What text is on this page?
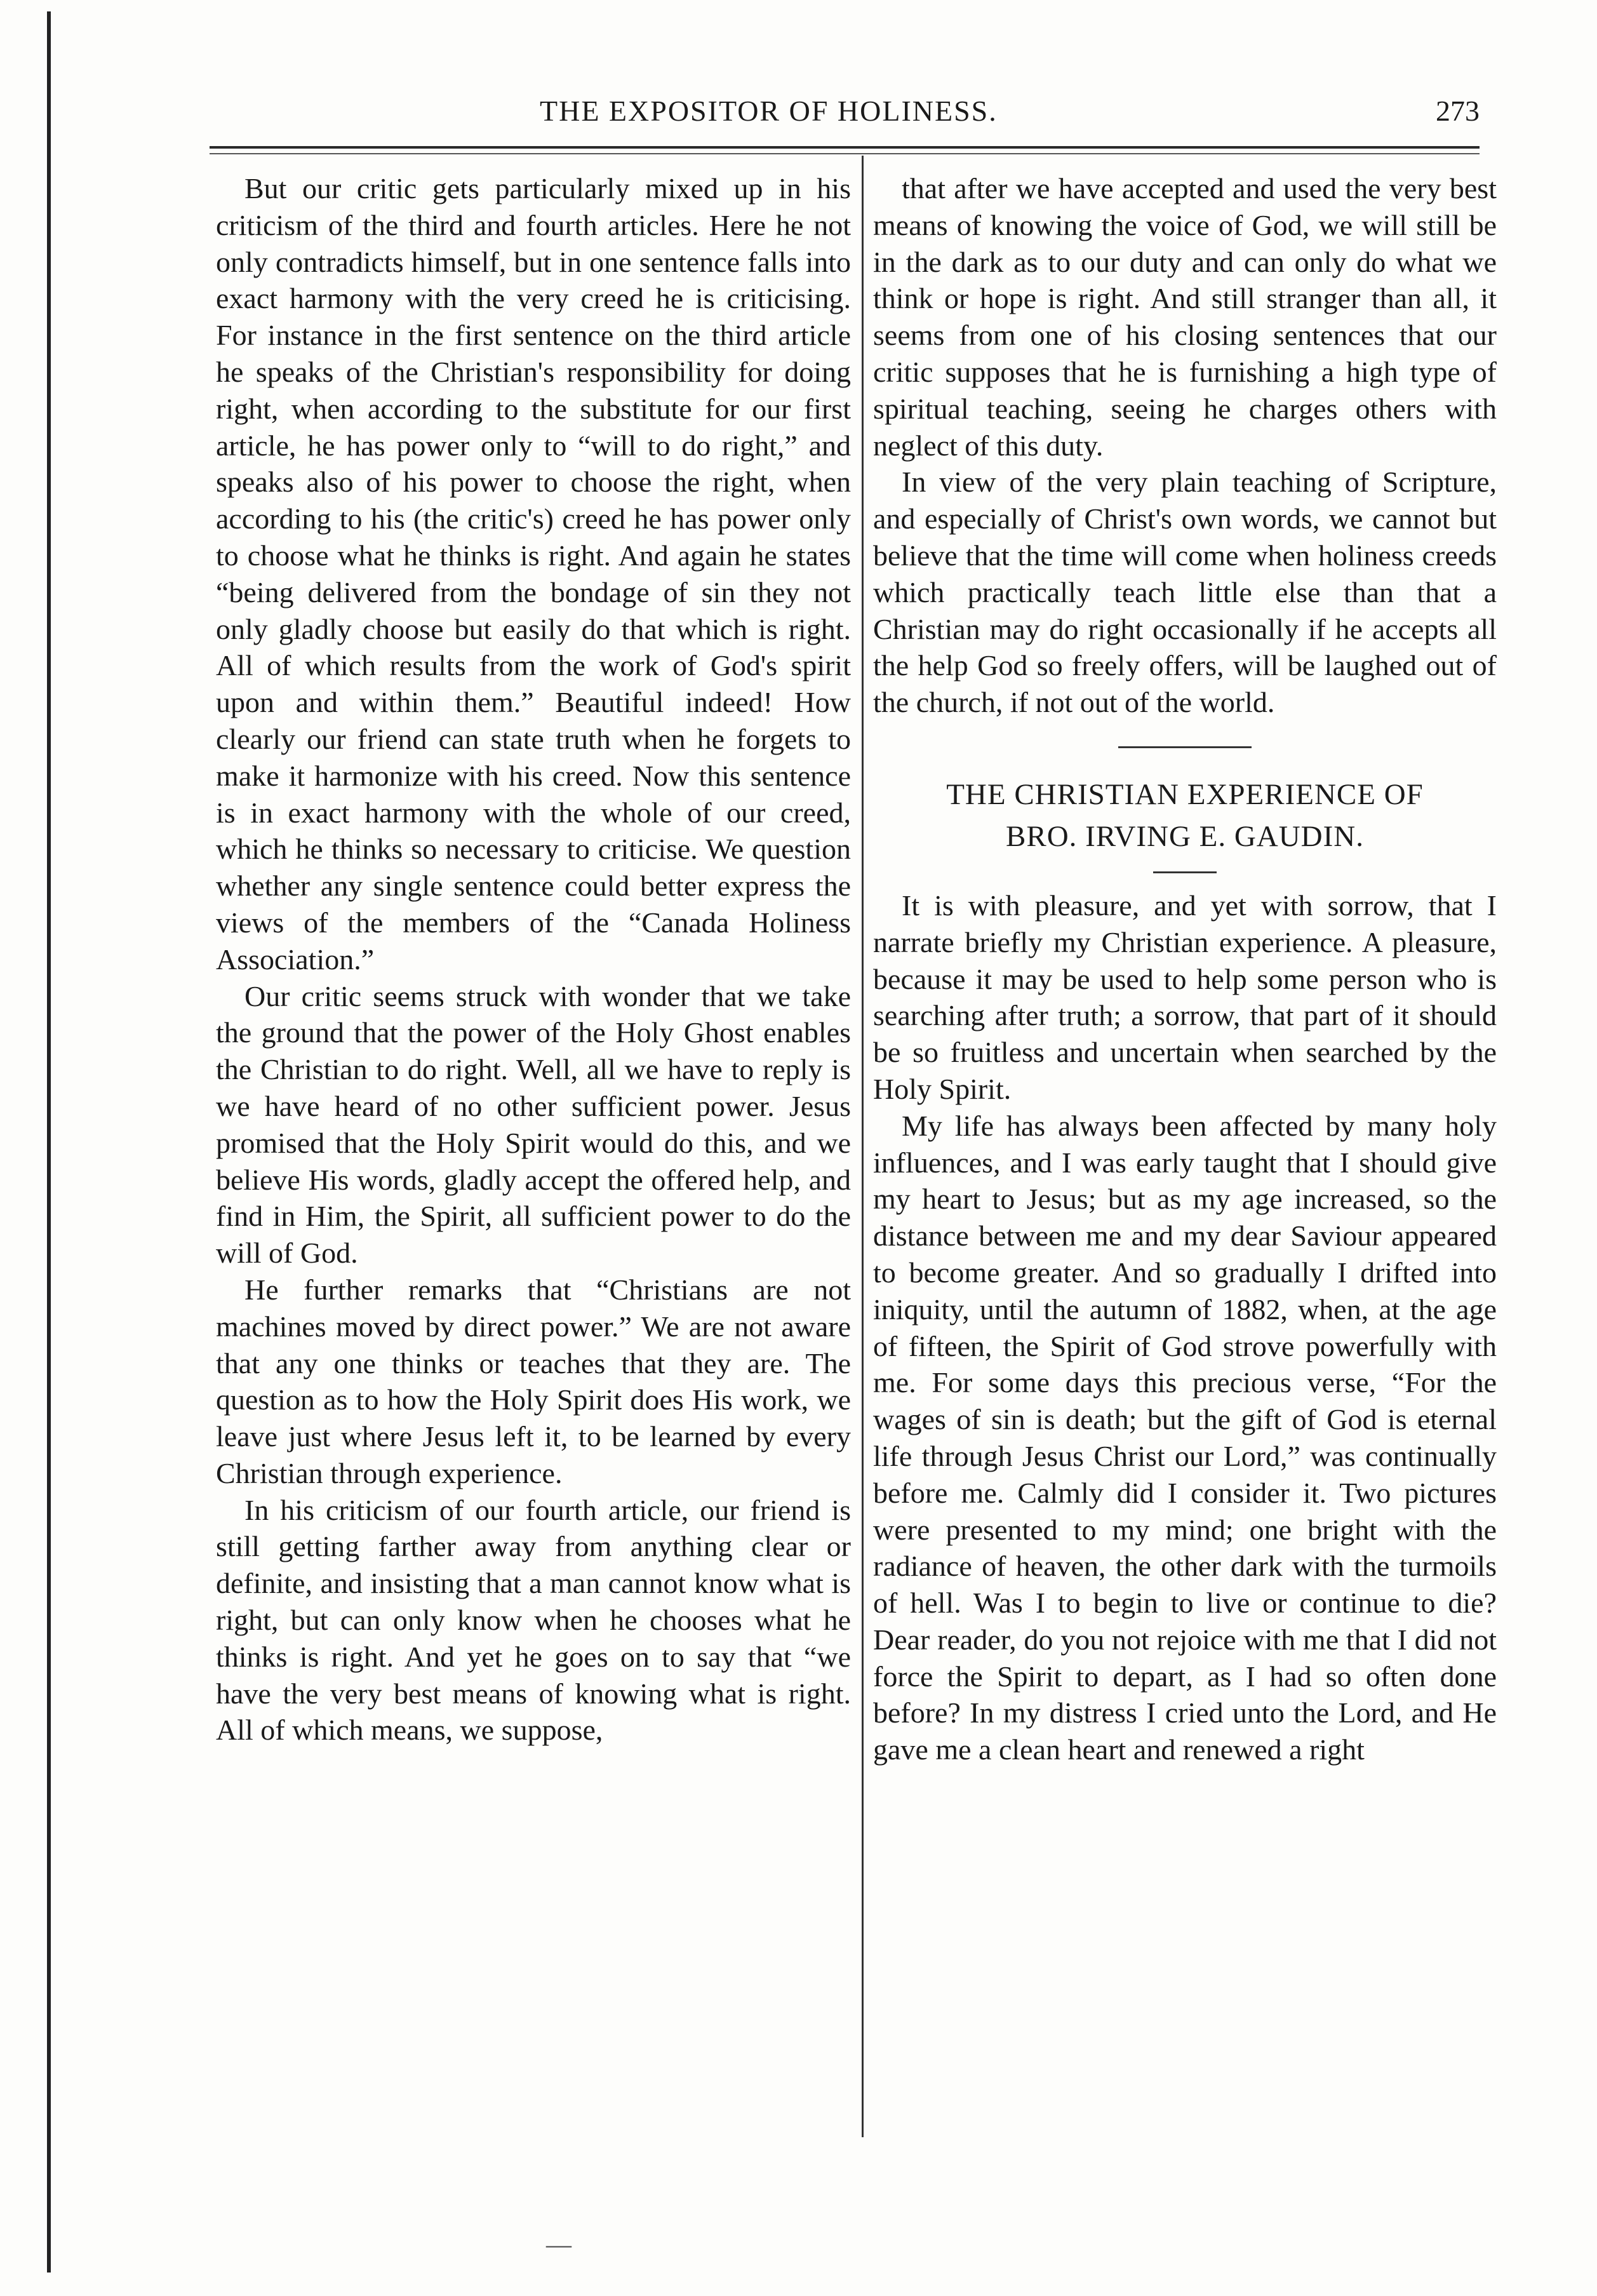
THE EXPOSITOR OF HOLINESS.	273

But our critic gets particularly mixed up in his criticism of the third and fourth articles. Here he not only contradicts himself, but in one sentence falls into exact harmony with the very creed he is criticising. For instance in the first sentence on the third article he speaks of the Christian's responsibility for doing right, when according to the substitute for our first article, he has power only to “will to do right,” and speaks also of his power to choose the right, when according to his (the critic's) creed he has power only to choose what he thinks is right. And again he states “being delivered from the bondage of sin they not only gladly choose but easily do that which is right. All of which results from the work of God's spirit upon and within them.” Beautiful indeed! How clearly our friend can state truth when he forgets to make it harmonize with his creed. Now this sentence is in exact harmony with the whole of our creed, which he thinks so necessary to criticise. We question whether any single sentence could better express the views of the members of the “Canada Holiness Association.”

Our critic seems struck with wonder that we take the ground that the power of the Holy Ghost enables the Christian to do right. Well, all we have to reply is we have heard of no other sufficient power. Jesus promised that the Holy Spirit would do this, and we believe His words, gladly accept the offered help, and find in Him, the Spirit, all sufficient power to do the will of God.

He further remarks that “Christians are not machines moved by direct power.” We are not aware that any one thinks or teaches that they are. The question as to how the Holy Spirit does His work, we leave just where Jesus left it, to be learned by every Christian through experience.

In his criticism of our fourth article, our friend is still getting farther away from anything clear or definite, and insisting that a man cannot know what is right, but can only know when he chooses what he thinks is right. And yet he goes on to say that “we have the very best means of knowing what is right. All of which means, we suppose,

that after we have accepted and used the very best means of knowing the voice of God, we will still be in the dark as to our duty and can only do what we think or hope is right. And still stranger than all, it seems from one of his closing sentences that our critic supposes that he is furnishing a high type of spiritual teaching, seeing he charges others with neglect of this duty.

In view of the very plain teaching of Scripture, and especially of Christ's own words, we cannot but believe that the time will come when holiness creeds which practically teach little else than that a Christian may do right occasionally if he accepts all the help God so freely offers, will be laughed out of the church, if not out of the world.

THE CHRISTIAN EXPERIENCE OF
BRO. IRVING E. GAUDIN.

It is with pleasure, and yet with sorrow, that I narrate briefly my Christian experience. A pleasure, because it may be used to help some person who is searching after truth; a sorrow, that part of it should be so fruitless and uncertain when searched by the Holy Spirit.

My life has always been affected by many holy influences, and I was early taught that I should give my heart to Jesus; but as my age increased, so the distance between me and my dear Saviour appeared to become greater. And so gradually I drifted into iniquity, until the autumn of 1882, when, at the age of fifteen, the Spirit of God strove powerfully with me. For some days this precious verse, “For the wages of sin is death; but the gift of God is eternal life through Jesus Christ our Lord,” was continually before me. Calmly did I consider it. Two pictures were presented to my mind; one bright with the radiance of heaven, the other dark with the turmoils of hell. Was I to begin to live or continue to die? Dear reader, do you not rejoice with me that I did not force the Spirit to depart, as I had so often done before? In my distress I cried unto the Lord, and He gave me a clean heart and renewed a right

—
